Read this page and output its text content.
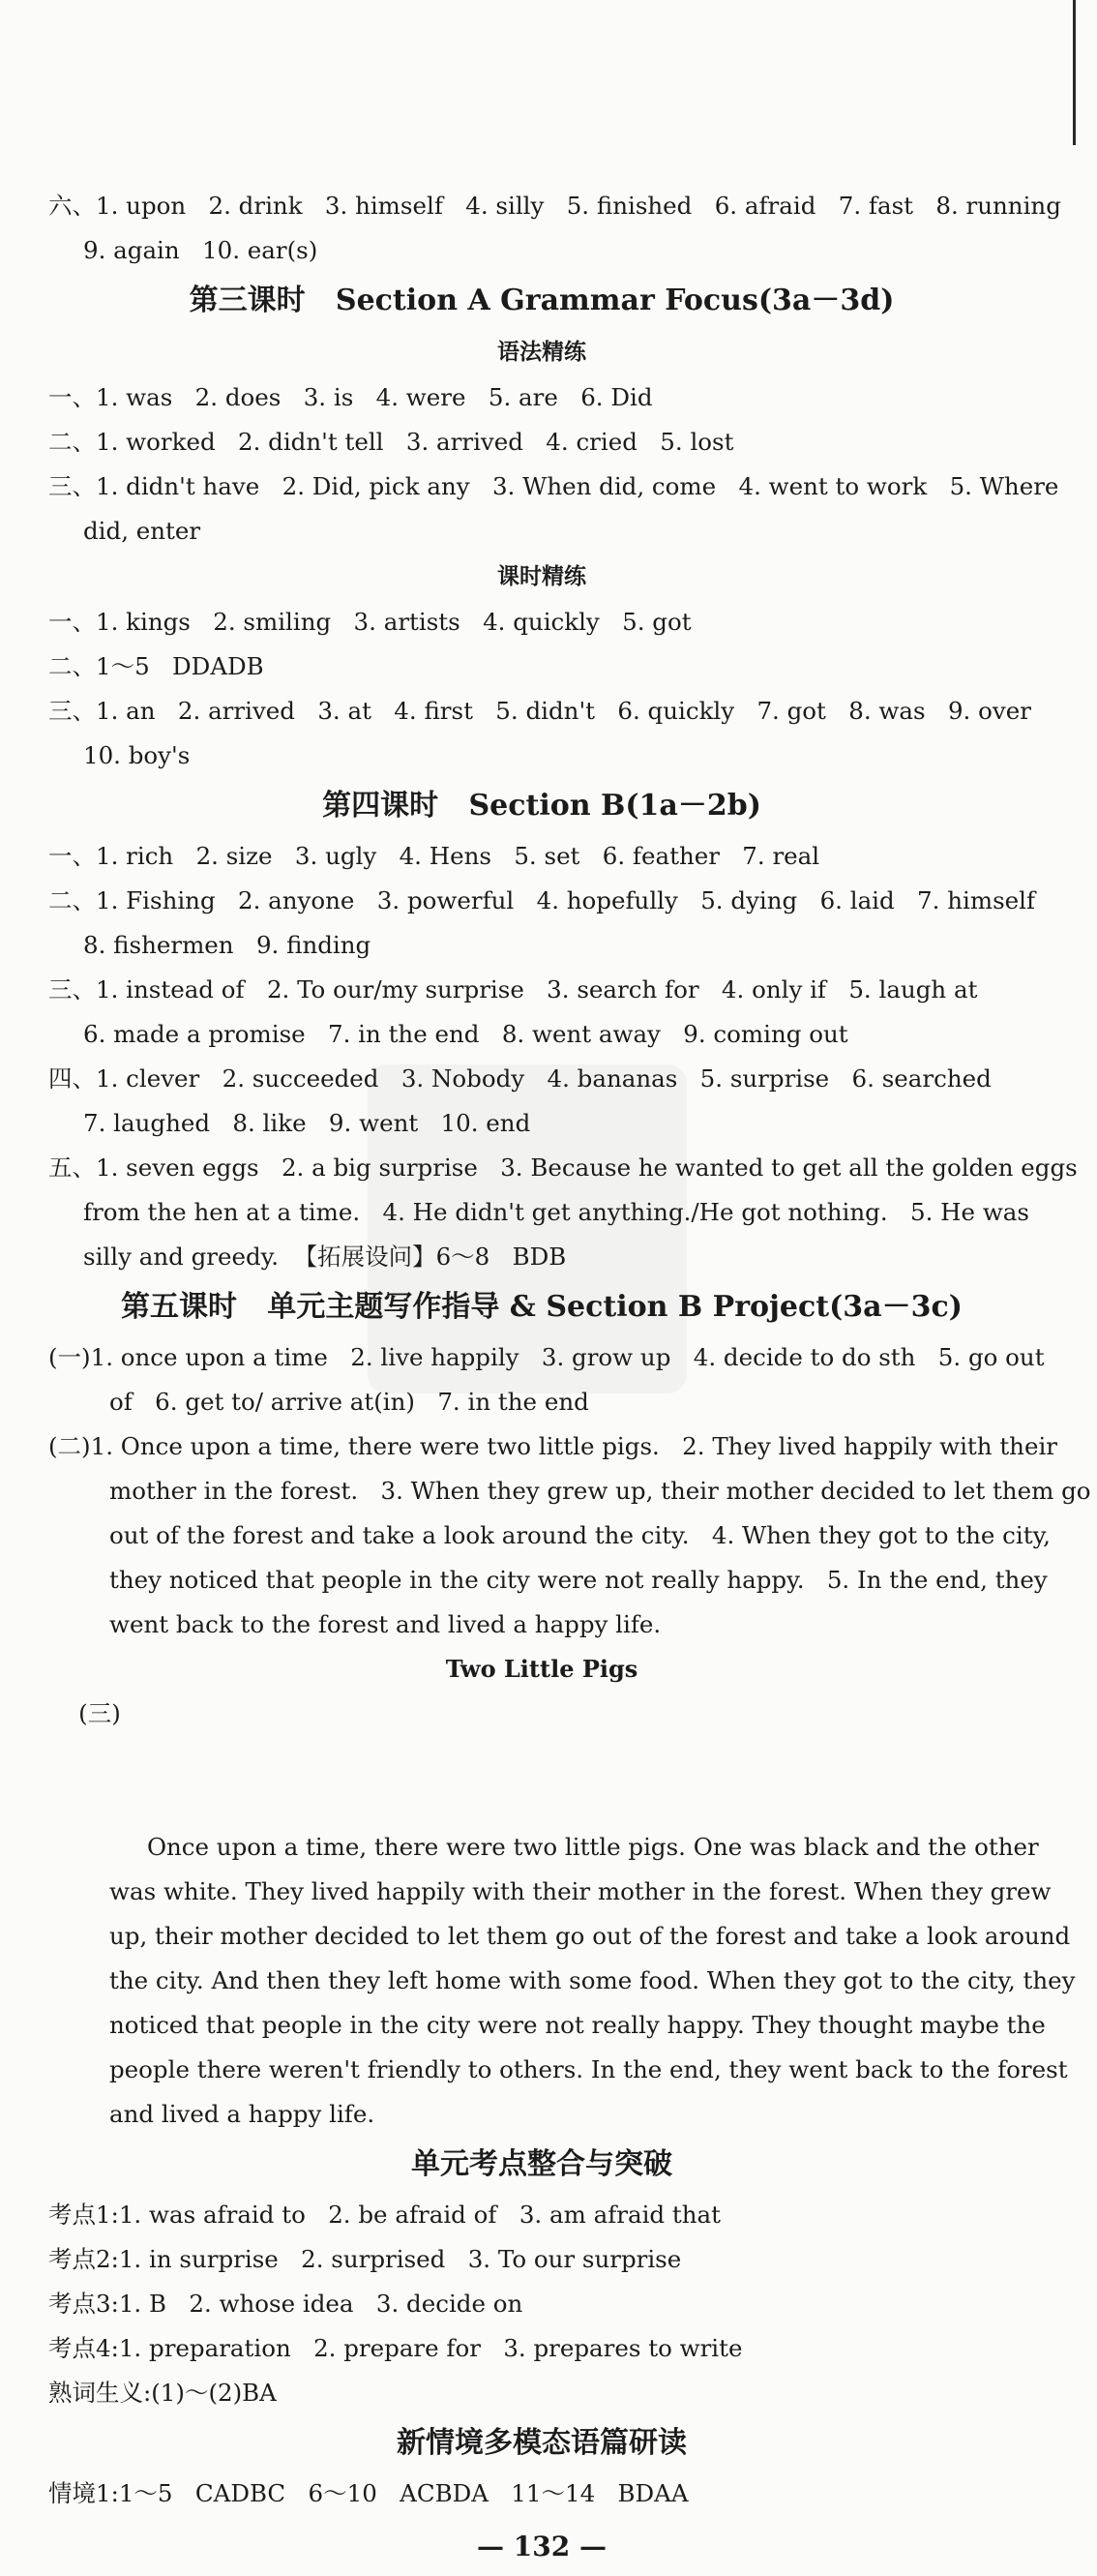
六、1. upon   2. drink   3. himself   4. silly   5. finished   6. afraid   7. fast   8. running
9. again   10. ear(s)
第三课时   Section A Grammar Focus(3a－3d)
语法精练
一、1. was   2. does   3. is   4. were   5. are   6. Did
二、1. worked   2. didn't tell   3. arrived   4. cried   5. lost
三、1. didn't have   2. Did, pick any   3. When did, come   4. went to work   5. Where
did, enter
课时精练
一、1. kings   2. smiling   3. artists   4. quickly   5. got
二、1～5   DDADB
三、1. an   2. arrived   3. at   4. first   5. didn't   6. quickly   7. got   8. was   9. over
10. boy's
第四课时   Section B(1a－2b)
一、1. rich   2. size   3. ugly   4. Hens   5. set   6. feather   7. real
二、1. Fishing   2. anyone   3. powerful   4. hopefully   5. dying   6. laid   7. himself
8. fishermen   9. finding
三、1. instead of   2. To our/my surprise   3. search for   4. only if   5. laugh at
6. made a promise   7. in the end   8. went away   9. coming out
四、1. clever   2. succeeded   3. Nobody   4. bananas   5. surprise   6. searched
7. laughed   8. like   9. went   10. end
五、1. seven eggs   2. a big surprise   3. Because he wanted to get all the golden eggs
from the hen at a time.   4. He didn't get anything./He got nothing.   5. He was
silly and greedy.  【拓展设问】6～8   BDB
第五课时   单元主题写作指导 & Section B Project(3a－3c)
(一)1. once upon a time   2. live happily   3. grow up   4. decide to do sth   5. go out
of   6. get to/ arrive at(in)   7. in the end
(二)1. Once upon a time, there were two little pigs.   2. They lived happily with their
mother in the forest.   3. When they grew up, their mother decided to let them go
out of the forest and take a look around the city.   4. When they got to the city,
they noticed that people in the city were not really happy.   5. In the end, they
went back to the forest and lived a happy life.

(三)

Two Little Pigs

Once upon a time, there were two little pigs. One was black and the other
was white. They lived happily with their mother in the forest. When they grew
up, their mother decided to let them go out of the forest and take a look around
the city. And then they left home with some food. When they got to the city, they
noticed that people in the city were not really happy. They thought maybe the
people there weren't friendly to others. In the end, they went back to the forest
and lived a happy life.
单元考点整合与突破
考点1:1. was afraid to   2. be afraid of   3. am afraid that
考点2:1. in surprise   2. surprised   3. To our surprise
考点3:1. B   2. whose idea   3. decide on
考点4:1. preparation   2. prepare for   3. prepares to write
熟词生义:(1)～(2)BA
新情境多模态语篇研读
情境1:1～5   CADBC   6～10   ACBDA   11～14   BDAA
— 132 —
